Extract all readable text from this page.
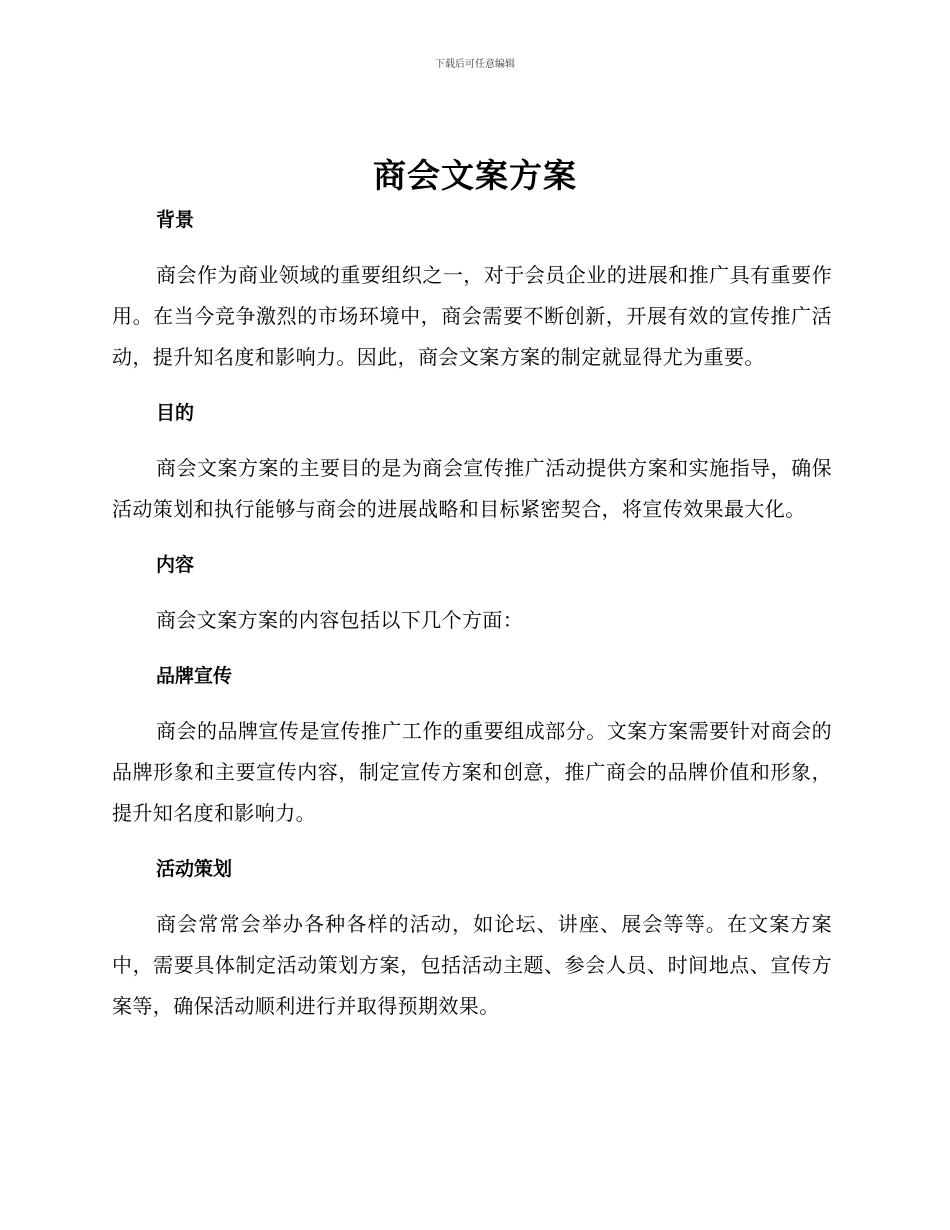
下载后可任意编辑
商会文案方案

背景

商会作为商业领域的重要组织之一，对于会员企业的进展和推广具有重要作用。在当今竞争激烈的市场环境中，商会需要不断创新，开展有效的宣传推广活动，提升知名度和影响力。因此，商会文案方案的制定就显得尤为重要。

目的

商会文案方案的主要目的是为商会宣传推广活动提供方案和实施指导，确保活动策划和执行能够与商会的进展战略和目标紧密契合，将宣传效果最大化。

内容

商会文案方案的内容包括以下几个方面：

品牌宣传

商会的品牌宣传是宣传推广工作的重要组成部分。文案方案需要针对商会的品牌形象和主要宣传内容，制定宣传方案和创意，推广商会的品牌价值和形象，提升知名度和影响力。

活动策划

商会常常会举办各种各样的活动，如论坛、讲座、展会等等。在文案方案中，需要具体制定活动策划方案，包括活动主题、参会人员、时间地点、宣传方案等，确保活动顺利进行并取得预期效果。
